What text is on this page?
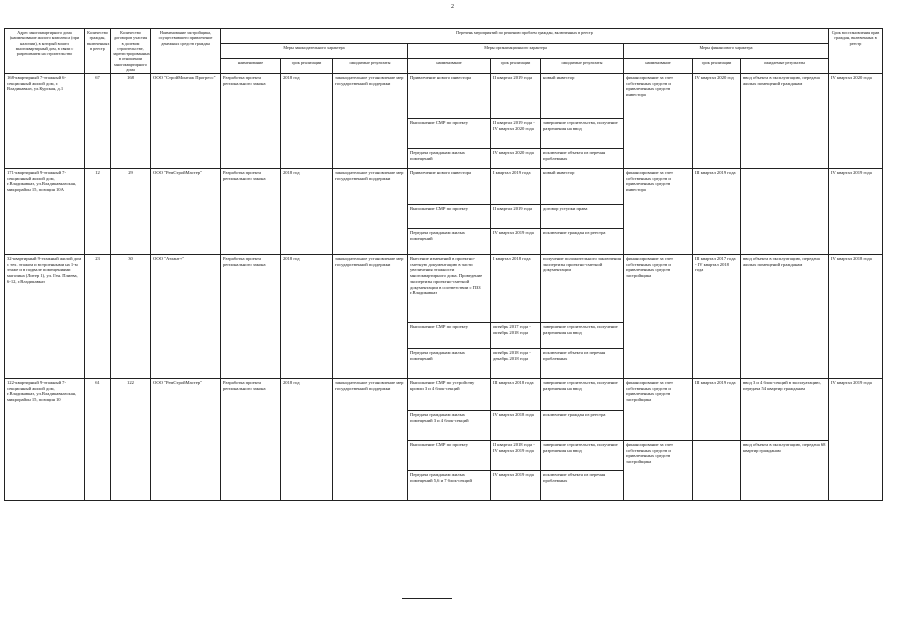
2
Адрес многоквартирного дома (наименование жилого комплекса (при наличии), в который вошел многоквартирный дом, в связи с разрешением на строительство	Количество граждан, включенных в реестр	Количество договоров участия в долевом строительстве, зарегистрированных в отношении многоквартирного дома	Наименование застройщика, осуществившего привлечение денежных средств граждан	Перечень мероприятий по решению проблем граждан, включенных в реестр									Срок восстановления прав граждан, включенных в реестр
				Меры законодательного характера			Меры организационного характера			Меры финансового характера			
				наименование	срок реализации	ожидаемые результаты	наименование	срок реализации	ожидаемые результаты	наименование	срок реализации	ожидаемые результаты	
168-квартирный 7-этажный 6-секционный жилой дом, г. Владикавказ, ул.Курская, д.1	67	168	ООО "СтройМонтаж Прогресс"	Разработка проекта регионального закона	2018 год	законодательное установление мер государственной поддержки	Привлечение нового инвестора	II квартал 2019 года	новый инвестор	финансирование за счет собственных средств и привлеченных средств инвестора	IV квартал 2020 год	ввод объекта в эксплуатацию, передача жилых помещений гражданам	IV квартал 2020 года
							Выполнение СМР по проекту	II квартал 2019 года - IV квартал 2020 года	завершение строительства, получение разрешения на ввод				
							Передача гражданам жилых помещений	IV квартал 2020 года	исключение объекта из перечня проблемных				
171-квартирный 9-этажный 7-секционный жилой дом, г.Владикавказ, ул.Владикавказская, микрорайон 15, позиция 10А	12	29	ООО "РемСтройМастер"	Разработка проекта регионального закона	2018 год	законодательное установление мер государственной поддержки	Привлечение нового инвестора	I квартал 2019 года	новый инвестор	финансирование за счет собственных средств и привлеченных средств инвестора	III квартал 2019 года		IV квартал 2019 года
							Выполнение СМР по проекту	II квартал 2019 года	договор уступки права				
							Передача гражданам жилых помещений	IV квартал 2019 года	исключение граждан из реестра				
32-квартирный 9-этажный жилой дом с тех. этажом и встроенными на 1-м этаже и в подвале помещениями магазина (Литер 1), ул. Ген. Плиева, 6-12, г.Владикавказ	23	30	ООО "Атлант+"	Разработка проекта регионального закона	2018 год	законодательное установление мер государственной поддержки	Внесение изменений в проектно-сметную документацию в части увеличения этажности многоквартирного дома. Проведение экспертизы проектно-сметной документации в соответствии с ПЗЗ г.Владикавказ	I квартал 2018 года	получение положительного заключения экспертизы проектно-сметной документации	финансирование за счет собственных средств и привлеченных средств застройщика	III квартал 2017 года - IV квартал 2018 года	ввод объекта в эксплуатацию, передача жилых помещений гражданам	IV квартал 2018 года
							Выполнение СМР по проекту	октябрь 2017 года - октябрь 2018 года	завершение строительства, получение разрешения на ввод				
							Передача гражданам жилых помещений	октябрь 2018 года - декабрь 2018 года	исключение объекта из перечня проблемных				
122-квартирный 9-этажный 7-секционный жилой дом, г.Владикавказ, ул.Владикавказская, микрорайон 15, позиция 10	61	122	ООО "РемСтройМастер"	Разработка проекта регионального закона	2018 год	законодательное установление мер государственной поддержки	Выполнение СМР по устройству кровли 3 и 4 блок-секций	III квартал 2018 года	завершение строительства, получение разрешения на ввод	финансирование за счет собственных средств и привлеченных средств застройщика	III квартал 2019 года	ввод 3 и 4 блок-секций в эксплуатацию, передача 54 квартир гражданам	IV квартал 2019 года
							Передача гражданам жилых помещений 3 и 4 блок-секций	IV квартал 2018 года	исключение граждан из реестра				
							Выполнение СМР по проекту	II квартал 2018 года - IV квартал 2019 года	завершение строительства, получение разрешения на ввод	финансирование за счет собственных средств и привлеченных средств застройщика		ввод объекта в эксплуатацию, передача 68 квартир гражданам	
							Передача гражданам жилых помещений 5,6 и 7 блок-секций	IV квартал 2019 года	исключение объекта из перечня проблемных				
